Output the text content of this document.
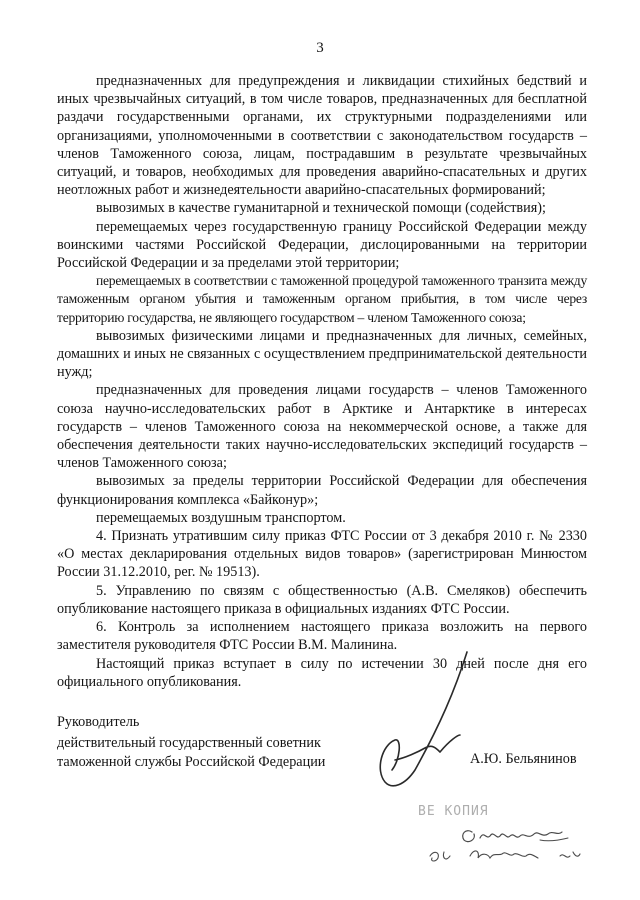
3

предназначенных для предупреждения и ликвидации стихийных бедствий и иных чрезвычайных ситуаций, в том числе товаров, предназначенных для бесплатной раздачи государственными органами, их структурными подразделениями или организациями, уполномоченными в соответствии с законодательством государств – членов Таможенного союза, лицам, пострадавшим в результате чрезвычайных ситуаций, и товаров, необходимых для проведения аварийно-спасательных и других неотложных работ и жизнедеятельности аварийно-спасательных формирований;

вывозимых в качестве гуманитарной и технической помощи (содействия);

перемещаемых через государственную границу Российской Федерации между воинскими частями Российской Федерации, дислоцированными на территории Российской Федерации и за пределами этой территории;

перемещаемых в соответствии с таможенной процедурой таможенного транзита между таможенным органом убытия и таможенным органом прибытия, в том числе через территорию государства, не являющего государством – членом Таможенного союза;

вывозимых физическими лицами и предназначенных для личных, семейных, домашних и иных не связанных с осуществлением предпринимательской деятельности нужд;

предназначенных для проведения лицами государств – членов Таможенного союза научно-исследовательских работ в Арктике и Антарктике в интересах государств – членов Таможенного союза на некоммерческой основе, а также для обеспечения деятельности таких научно-исследовательских экспедиций государств – членов Таможенного союза;

вывозимых за пределы территории Российской Федерации для обеспечения функционирования комплекса «Байконур»;

перемещаемых воздушным транспортом.

4. Признать утратившим силу приказ ФТС России от 3 декабря 2010 г. № 2330 «О местах декларирования отдельных видов товаров» (зарегистрирован Минюстом России 31.12.2010, рег. № 19513).

5. Управлению по связям с общественностью (А.В. Смеляков) обеспечить опубликование настоящего приказа в официальных изданиях ФТС России.

6. Контроль за исполнением настоящего приказа возложить на первого заместителя руководителя ФТС России В.М. Малинина.

Настоящий приказ вступает в силу по истечении 30 дней после дня его официального опубликования.

Руководитель
действительный государственный советник
таможенной службы Российской Федерации	А.Ю. Бельянинов
ВЕ КОПИЯ
